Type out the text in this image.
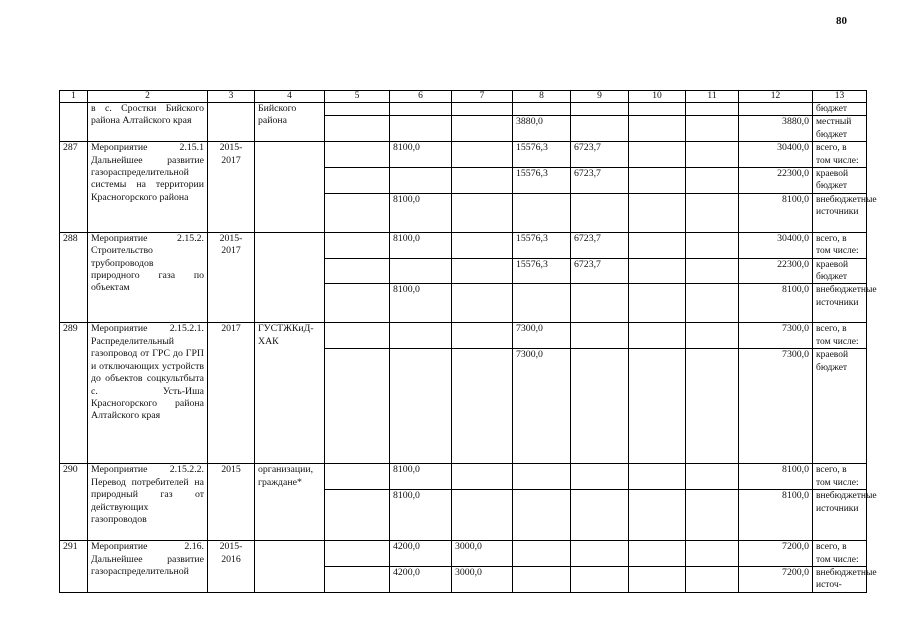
80
1	2	3	4	5	6	7	8	9	10	11	12	13
	в с. Сростки Бийского района Алтайского края		Бийского района									бюджет
							3880,0				3880,0	местный бюджет
287	Мероприятие 2.15.1 Дальнейшее развитие газораспределительной системы на территории Красногорского района	2015-2017			8100,0		15576,3	6723,7			30400,0	всего, в том числе:
							15576,3	6723,7			22300,0	краевой бюджет
					8100,0						8100,0	внебюджетные источники
288	Мероприятие 2.15.2. Строительство трубопроводов природного газа по объектам	2015-2017			8100,0		15576,3	6723,7			30400,0	всего, в том числе:
							15576,3	6723,7			22300,0	краевой бюджет
					8100,0						8100,0	внебюджетные источники
289	Мероприятие 2.15.2.1. Распределительный газопровод от ГРС до ГРП и отключающих устройств до объектов соцкультбыта с. Усть-Иша Красногорского района Алтайского края	2017	ГУСТЖКиД-ХАК				7300,0				7300,0	всего, в том числе:
							7300,0				7300,0	краевой бюджет
290	Мероприятие 2.15.2.2. Перевод потребителей на природный газ от действующих газопроводов	2015	организации, граждане*		8100,0						8100,0	всего, в том числе:
					8100,0						8100,0	внебюджетные источники
291	Мероприятие 2.16. Дальнейшее развитие газораспределительной	2015-2016			4200,0	3000,0					7200,0	всего, в том числе:
					4200,0	3000,0					7200,0	внебюджетные источ-
